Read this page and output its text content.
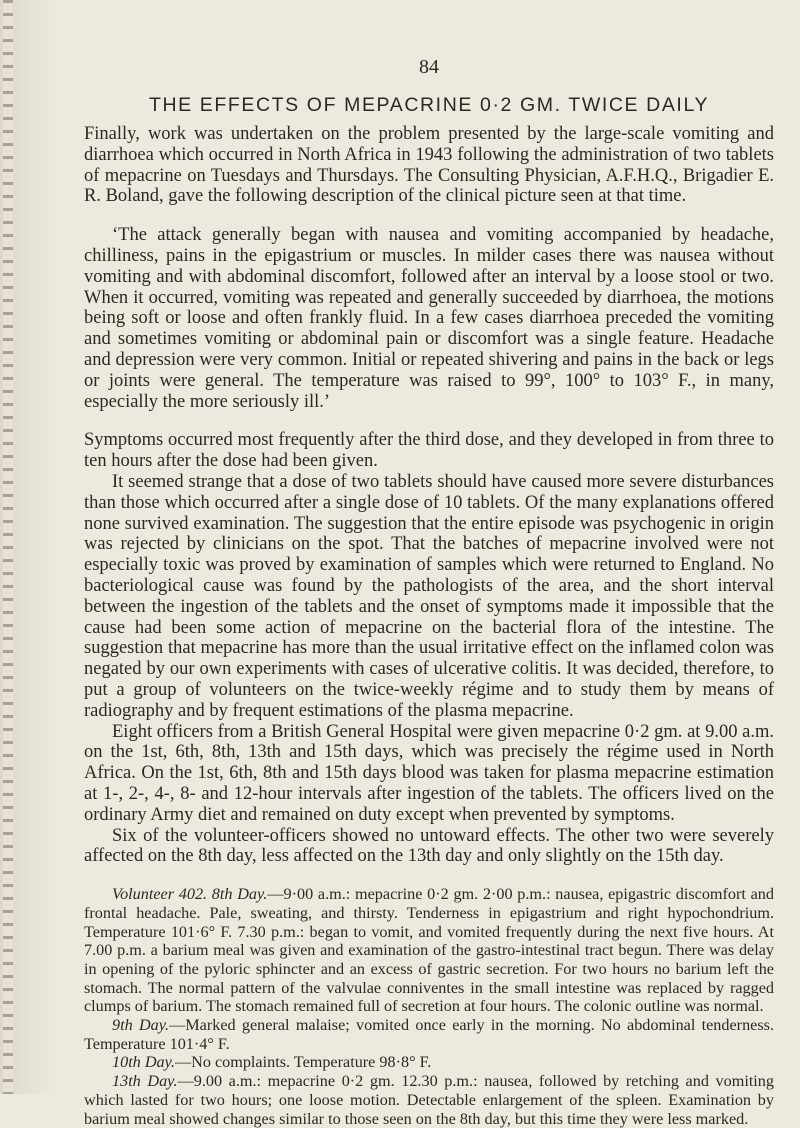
84
THE EFFECTS OF MEPACRINE 0·2 GM. TWICE DAILY

Finally, work was undertaken on the problem presented by the large-scale vomiting and diarrhoea which occurred in North Africa in 1943 following the administration of two tablets of mepacrine on Tuesdays and Thursdays. The Consulting Physician, A.F.H.Q., Brigadier E. R. Boland, gave the following description of the clinical picture seen at that time.

‘The attack generally began with nausea and vomiting accompanied by headache, chilliness, pains in the epigastrium or muscles. In milder cases there was nausea without vomiting and with abdominal discomfort, followed after an interval by a loose stool or two. When it occurred, vomiting was repeated and generally succeeded by diarrhoea, the motions being soft or loose and often frankly fluid. In a few cases diarrhoea preceded the vomiting and sometimes vomiting or abdominal pain or discomfort was a single feature. Headache and depression were very common. Initial or repeated shivering and pains in the back or legs or joints were general. The temperature was raised to 99°, 100° to 103° F., in many, especially the more seriously ill.’

Symptoms occurred most frequently after the third dose, and they developed in from three to ten hours after the dose had been given.

It seemed strange that a dose of two tablets should have caused more severe disturbances than those which occurred after a single dose of 10 tablets. Of the many explanations offered none survived examination. The suggestion that the entire episode was psychogenic in origin was rejected by clinicians on the spot. That the batches of mepacrine involved were not especially toxic was proved by examination of samples which were returned to England. No bacteriological cause was found by the pathologists of the area, and the short interval between the ingestion of the tablets and the onset of symptoms made it impossible that the cause had been some action of mepacrine on the bacterial flora of the intestine. The suggestion that mepacrine has more than the usual irritative effect on the inflamed colon was negated by our own experiments with cases of ulcerative colitis. It was decided, therefore, to put a group of volunteers on the twice-weekly régime and to study them by means of radiography and by frequent estimations of the plasma mepacrine.

Eight officers from a British General Hospital were given mepacrine 0·2 gm. at 9.00 a.m. on the 1st, 6th, 8th, 13th and 15th days, which was precisely the régime used in North Africa. On the 1st, 6th, 8th and 15th days blood was taken for plasma mepacrine estimation at 1-, 2-, 4-, 8- and 12-hour intervals after ingestion of the tablets. The officers lived on the ordinary Army diet and remained on duty except when prevented by symptoms.

Six of the volunteer-officers showed no untoward effects. The other two were severely affected on the 8th day, less affected on the 13th day and only slightly on the 15th day.

Volunteer 402. 8th Day.—9·00 a.m.: mepacrine 0·2 gm. 2·00 p.m.: nausea, epigastric discomfort and frontal headache. Pale, sweating, and thirsty. Tenderness in epigastrium and right hypochondrium. Temperature 101·6° F. 7.30 p.m.: began to vomit, and vomited frequently during the next five hours. At 7.00 p.m. a barium meal was given and examination of the gastro-intestinal tract begun. There was delay in opening of the pyloric sphincter and an excess of gastric secretion. For two hours no barium left the stomach. The normal pattern of the valvulae conniventes in the small intestine was replaced by ragged clumps of barium. The stomach remained full of secretion at four hours. The colonic outline was normal.

9th Day.—Marked general malaise; vomited once early in the morning. No abdominal tenderness. Temperature 101·4° F.

10th Day.—No complaints. Temperature 98·8° F.

13th Day.—9.00 a.m.: mepacrine 0·2 gm. 12.30 p.m.: nausea, followed by retching and vomiting which lasted for two hours; one loose motion. Detectable enlargement of the spleen. Examination by barium meal showed changes similar to those seen on the 8th day, but this time they were less marked.
